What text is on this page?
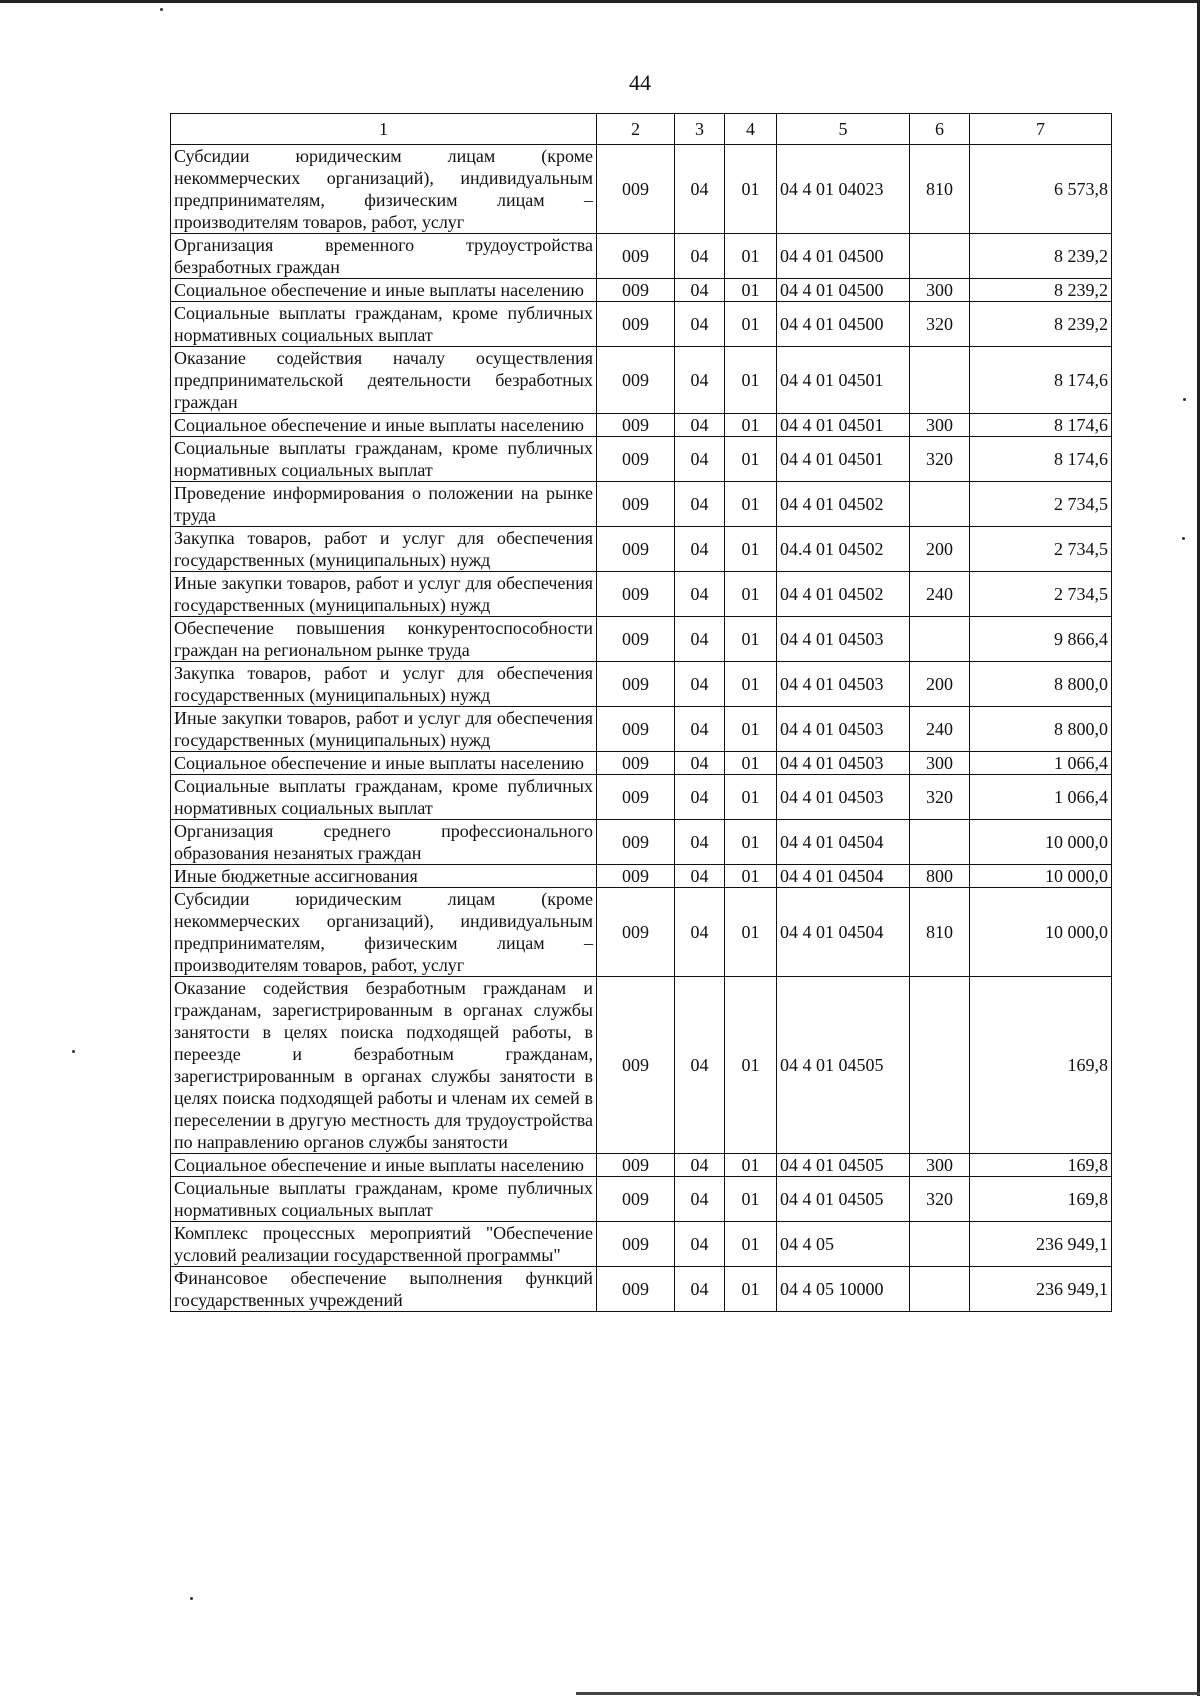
44
1	2	3	4	5	6	7
Субсидии юридическим лицам (кроме некоммерческих организаций), индивидуальным предпринимателям, физическим лицам – производителям товаров, работ, услуг	009	04	01	04 4 01 04023	810	6 573,8
Организация временного трудоустройства безработных граждан	009	04	01	04 4 01 04500		8 239,2
Социальное обеспечение и иные выплаты населению	009	04	01	04 4 01 04500	300	8 239,2
Социальные выплаты гражданам, кроме публичных нормативных социальных выплат	009	04	01	04 4 01 04500	320	8 239,2
Оказание содействия началу осуществления предпринимательской деятельности безработных граждан	009	04	01	04 4 01 04501		8 174,6
Социальное обеспечение и иные выплаты населению	009	04	01	04 4 01 04501	300	8 174,6
Социальные выплаты гражданам, кроме публичных нормативных социальных выплат	009	04	01	04 4 01 04501	320	8 174,6
Проведение информирования о положении на рынке труда	009	04	01	04 4 01 04502		2 734,5
Закупка товаров, работ и услуг для обеспечения государственных (муниципальных) нужд	009	04	01	04.4 01 04502	200	2 734,5
Иные закупки товаров, работ и услуг для обеспечения государственных (муниципальных) нужд	009	04	01	04 4 01 04502	240	2 734,5
Обеспечение повышения конкурентоспособности граждан на региональном рынке труда	009	04	01	04 4 01 04503		9 866,4
Закупка товаров, работ и услуг для обеспечения государственных (муниципальных) нужд	009	04	01	04 4 01 04503	200	8 800,0
Иные закупки товаров, работ и услуг для обеспечения государственных (муниципальных) нужд	009	04	01	04 4 01 04503	240	8 800,0
Социальное обеспечение и иные выплаты населению	009	04	01	04 4 01 04503	300	1 066,4
Социальные выплаты гражданам, кроме публичных нормативных социальных выплат	009	04	01	04 4 01 04503	320	1 066,4
Организация среднего профессионального образования незанятых граждан	009	04	01	04 4 01 04504		10 000,0
Иные бюджетные ассигнования	009	04	01	04 4 01 04504	800	10 000,0
Субсидии юридическим лицам (кроме некоммерческих организаций), индивидуальным предпринимателям, физическим лицам – производителям товаров, работ, услуг	009	04	01	04 4 01 04504	810	10 000,0
Оказание содействия безработным гражданам и гражданам, зарегистрированным в органах службы занятости в целях поиска подходящей работы, в переезде и безработным гражданам, зарегистрированным в органах службы занятости в целях поиска подходящей работы и членам их семей в переселении в другую местность для трудоустройства по направлению органов службы занятости	009	04	01	04 4 01 04505		169,8
Социальное обеспечение и иные выплаты населению	009	04	01	04 4 01 04505	300	169,8
Социальные выплаты гражданам, кроме публичных нормативных социальных выплат	009	04	01	04 4 01 04505	320	169,8
Комплекс процессных мероприятий "Обеспечение условий реализации государственной программы"	009	04	01	04 4 05		236 949,1
Финансовое обеспечение выполнения функций государственных учреждений	009	04	01	04 4 05 10000		236 949,1
